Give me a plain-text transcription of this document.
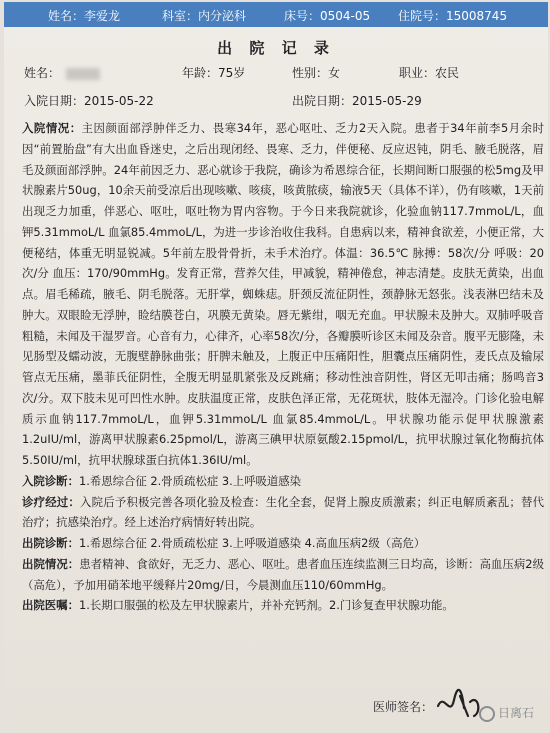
姓名：李爱龙	科室：内分泌科	床号：0504-05 住院号：15008745
出 院 记 录
姓名：	年龄：75岁	性别：女	职业：农民
入院日期：2015-05-22	出院日期：2015-05-29

入院情况：主因颜面部浮肿伴乏力、畏寒34年，恶心呕吐、乏力2天入院。患者于34年前李5月余时因“前置胎盘”有大出血昏迷史，之后出现闭经、畏寒、乏力，伴便秘、反应迟钝，阴毛、腋毛脱落，眉毛及颜面部浮肿。24年前因乏力、恶心就诊于我院，确诊为希恩综合征，长期间断口服强的松5mg及甲状腺素片50ug，10余天前受凉后出现咳嗽、咳痰，咳黄脓痰，输液5天（具体不详），仍有咳嗽，1天前出现乏力加重，伴恶心、呕吐，呕吐物为胃内容物。于今日来我院就诊，化验血钠117.7mmoL/L，血钾5.31mmoL/L 血氯85.4mmoL/L，为进一步诊治收住我科。自患病以来，精神食欲差，小便正常，大便秘结，体重无明显锐减。5年前左股骨骨折，未手术治疗。体温：36.5℃ 脉搏：58次/分 呼吸：20次/分 血压：170/90mmHg。发育正常，营养欠佳，甲减貌，精神倦怠，神志清楚。皮肤无黄染，出血点。眉毛稀疏，腋毛、阴毛脱落。无肝掌，蜘蛛痣。肝颈反流征阴性，颈静脉无怒张。浅表淋巴结未及肿大。双眼睑无浮肿，睑结膜苍白，巩膜无黄染。唇无紫绀，咽无充血。甲状腺未及肿大。双肺呼吸音粗糙，未闻及干湿罗音。心音有力，心律齐，心率58次/分，各瓣膜听诊区未闻及杂音。腹平无膨隆，未见肠型及蠕动波，无腹壁静脉曲张；肝脾未触及，上腹正中压痛阳性，胆囊点压痛阴性，麦氏点及输尿管点无压痛，墨菲氏征阴性，全腹无明显肌紧张及反跳痛；移动性浊音阴性，肾区无叩击痛；肠鸣音3次/分。双下肢未见可凹性水肿。皮肤温度正常，皮肤色泽正常，无花斑状，肢体无湿冷。门诊化验电解质示血钠117.7mmoL/L，血钾5.31mmoL/L 血氯85.4mmoL/L。甲状腺功能示促甲状腺激素1.2uIU/ml，游离甲状腺素6.25pmol/L，游离三碘甲状原氨酸2.15pmol/L，抗甲状腺过氧化物酶抗体5.50IU/ml，抗甲状腺球蛋白抗体1.36IU/ml。

入院诊断：1.希恩综合征 2.骨质疏松症 3.上呼吸道感染

诊疗经过：入院后予积极完善各项化验及检查：生化全套，促肾上腺皮质激素；纠正电解质紊乱；替代治疗；抗感染治疗。经上述治疗病情好转出院。

出院诊断：1.希恩综合征 2.骨质疏松症 3.上呼吸道感染 4.高血压病2级（高危）

出院情况：患者精神、食欲好，无乏力、恶心、呕吐。患者血压连续监测三日均高，诊断：高血压病2级（高危），予加用硝苯地平缓释片20mg/日，今晨测血压110/60mmHg。

出院医嘱：1.长期口服强的松及左甲状腺素片，并补充钙剂。2.门诊复查甲状腺功能。

医师签名：	日离石
